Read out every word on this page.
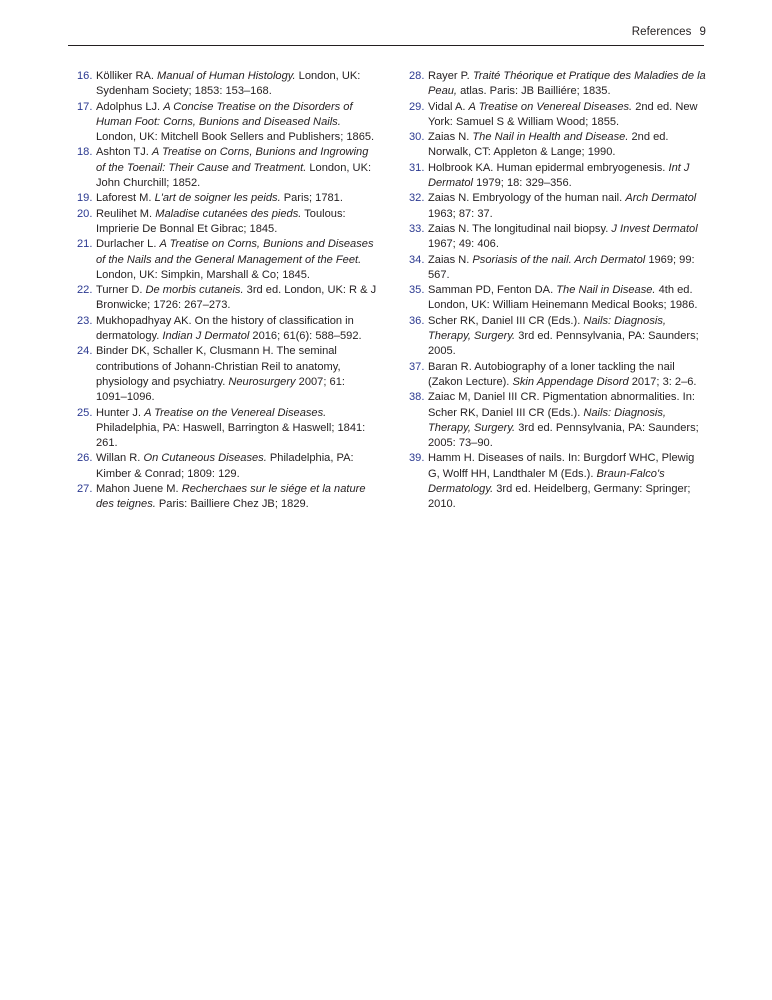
References 9
16. Kölliker RA. Manual of Human Histology. London, UK: Sydenham Society; 1853: 153–168.
17. Adolphus LJ. A Concise Treatise on the Disorders of Human Foot: Corns, Bunions and Diseased Nails. London, UK: Mitchell Book Sellers and Publishers; 1865.
18. Ashton TJ. A Treatise on Corns, Bunions and Ingrowing of the Toenail: Their Cause and Treatment. London, UK: John Churchill; 1852.
19. Laforest M. L'art de soigner les peids. Paris; 1781.
20. Reulihet M. Maladise cutanées des pieds. Toulous: Imprierie De Bonnal Et Gibrac; 1845.
21. Durlacher L. A Treatise on Corns, Bunions and Diseases of the Nails and the General Management of the Feet. London, UK: Simpkin, Marshall & Co; 1845.
22. Turner D. De morbis cutaneis. 3rd ed. London, UK: R & J Bronwicke; 1726: 267–273.
23. Mukhopadhyay AK. On the history of classification in dermatology. Indian J Dermatol 2016; 61(6): 588–592.
24. Binder DK, Schaller K, Clusmann H. The seminal contributions of Johann-Christian Reil to anatomy, physiology and psychiatry. Neurosurgery 2007; 61: 1091–1096.
25. Hunter J. A Treatise on the Venereal Diseases. Philadelphia, PA: Haswell, Barrington & Haswell; 1841: 261.
26. Willan R. On Cutaneous Diseases. Philadelphia, PA: Kimber & Conrad; 1809: 129.
27. Mahon Juene M. Recherchaes sur le siége et la nature des teignes. Paris: Bailliere Chez JB; 1829.
28. Rayer P. Traité Théorique et Pratique des Maladies de la Peau, atlas. Paris: JB Bailliére; 1835.
29. Vidal A. A Treatise on Venereal Diseases. 2nd ed. New York: Samuel S & William Wood; 1855.
30. Zaias N. The Nail in Health and Disease. 2nd ed. Norwalk, CT: Appleton & Lange; 1990.
31. Holbrook KA. Human epidermal embryogenesis. Int J Dermatol 1979; 18: 329–356.
32. Zaias N. Embryology of the human nail. Arch Dermatol 1963; 87: 37.
33. Zaias N. The longitudinal nail biopsy. J Invest Dermatol 1967; 49: 406.
34. Zaias N. Psoriasis of the nail. Arch Dermatol 1969; 99: 567.
35. Samman PD, Fenton DA. The Nail in Disease. 4th ed. London, UK: William Heinemann Medical Books; 1986.
36. Scher RK, Daniel III CR (Eds.). Nails: Diagnosis, Therapy, Surgery. 3rd ed. Pennsylvania, PA: Saunders; 2005.
37. Baran R. Autobiography of a loner tackling the nail (Zakon Lecture). Skin Appendage Disord 2017; 3: 2–6.
38. Zaiac M, Daniel III CR. Pigmentation abnormalities. In: Scher RK, Daniel III CR (Eds.). Nails: Diagnosis, Therapy, Surgery. 3rd ed. Pennsylvania, PA: Saunders; 2005: 73–90.
39. Hamm H. Diseases of nails. In: Burgdorf WHC, Plewig G, Wolff HH, Landthaler M (Eds.). Braun-Falco's Dermatology. 3rd ed. Heidelberg, Germany: Springer; 2010.
